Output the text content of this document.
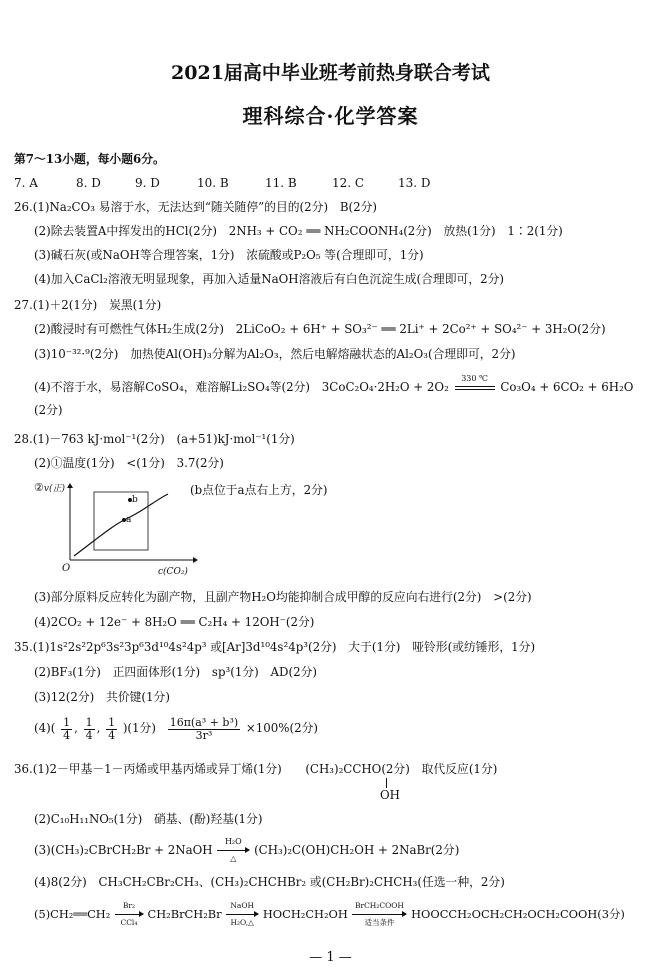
2021届高中毕业班考前热身联合考试
理科综合·化学答案
第7～13小题，每小题6分。
7. A	8. D	9. D	10. B	11. B	12. C	13. D
26.(1)Na₂CO₃ 易溶于水，无法达到“随关随停”的目的(2分)　B(2分)
(2)除去装置A中挥发出的HCl(2分)　2NH₃ + CO₂ ══ NH₂COONH₄(2分)　放热(1分)　1∶2(1分)
(3)碱石灰(或NaOH等合理答案，1分)　浓硫酸或P₂O₅ 等(合理即可，1分)
(4)加入CaCl₂溶液无明显现象，再加入适量NaOH溶液后有白色沉淀生成(合理即可，2分)
27.(1)＋2(1分)　炭黑(1分)
(2)酸浸时有可燃性气体H₂生成(2分)　2LiCoO₂ + 6H⁺ + SO₃²⁻ ══ 2Li⁺ + 2Co²⁺ + SO₄²⁻ + 3H₂O(2分)
(3)10⁻³²·⁹(2分)　加热使Al(OH)₃分解为Al₂O₃，然后电解熔融状态的Al₂O₃(合理即可，2分)
(4)不溶于水，易溶解CoSO₄，难溶解Li₂SO₄等(2分)　3CoC₂O₄·2H₂O + 2O₂
330 ℃
Co₃O₄ + 6CO₂ + 6H₂O
(2分)
28.(1)－763 kJ·mol⁻¹(2分)　(a+51)kJ·mol⁻¹(1分)
(2)①温度(1分)　<(1分)　3.7(2分)
②v(正)	(b点位于a点右上方，2分)
a
b
O	c(CO₂)
(3)部分原料反应转化为副产物，且副产物H₂O均能抑制合成甲醇的反应向右进行(2分)　>(2分)
(4)2CO₂ + 12e⁻ + 8H₂O ══ C₂H₄ + 12OH⁻(2分)
35.(1)1s²2s²2p⁶3s²3p⁶3d¹⁰4s²4p³ 或[Ar]3d¹⁰4s²4p³(2分)　大于(1分)　哑铃形(或纺锤形，1分)
(2)BF₃(1分)　正四面体形(1分)　sp³(1分)　AD(2分)
(3)12(2分)　共价键(1分)
$(4)( \frac{1}{4}$ , $\frac{1}{4}$ , $\frac{1}{4} )(1$分) $\frac{\text{16π(a³ + b³)}}{\text{3r³}} \times 100\%(2$分)
36.(1)2－甲基－1－丙烯或甲基丙烯或异丁烯(1分)　　(CH₃)₂CCHO(2分)　取代反应(1分)
OH
(2)C₁₀H₁₁NO₅(1分)　硝基、(酚)羟基(1分)
(3)(CH₃)₂CBrCH₂Br + 2NaOH
H₂O
△
(CH₃)₂C(OH)CH₂OH + 2NaBr(2分)
(4)8(2分)　CH₃CH₂CBr₂CH₃、(CH₃)₂CHCHBr₂ 或(CH₂Br)₂CHCH₃(任选一种，2分)
(5)CH₂══CH₂
Br₂
CCl₄
CH₂BrCH₂Br
NaOH
H₂O,△
HOCH₂CH₂OH
BrCH₂COOH
适当条件
HOOCCH₂OCH₂CH₂OCH₂COOH(3分)
— 1 —
